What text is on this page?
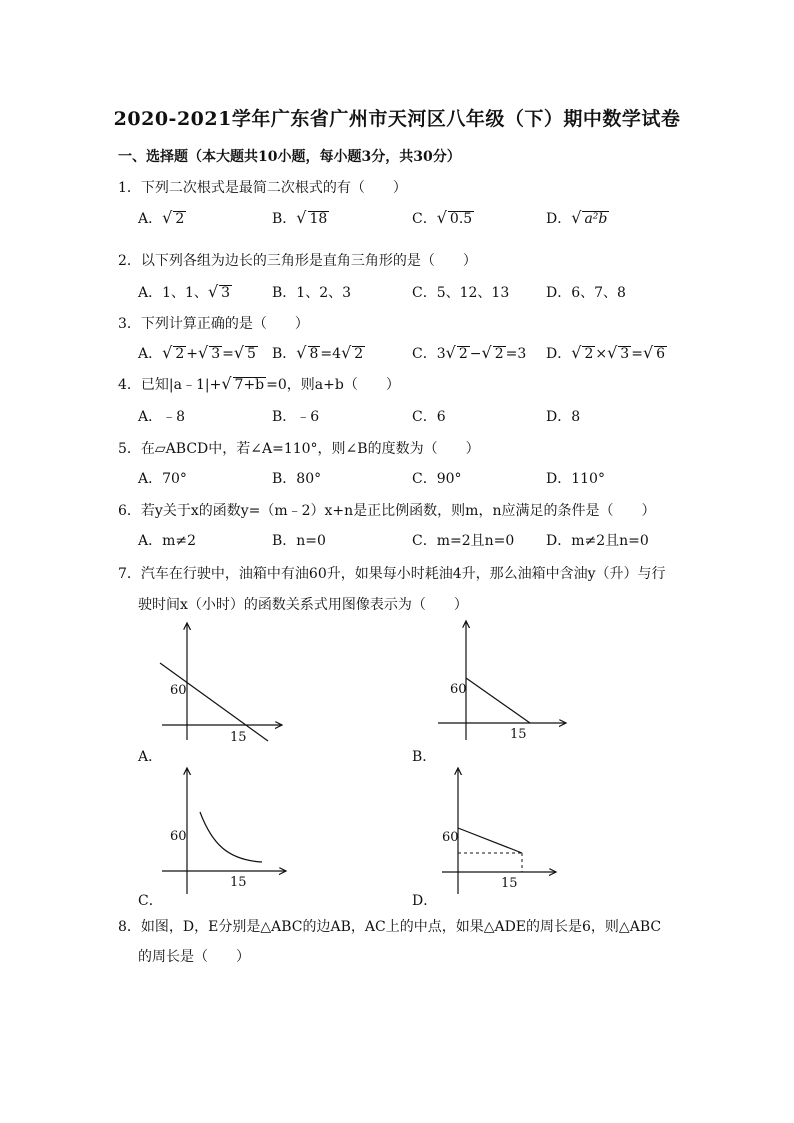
2020-2021学年广东省广州市天河区八年级（下）期中数学试卷
一、选择题（本大题共10小题，每小题3分，共30分）
1．下列二次根式是最简二次根式的有（　　）
A．√ 2	B．√ 18	C．√ 0.5	D．√ a²b
2．以下列各组为边长的三角形是直角三角形的是（　　）
A．1、1、√ 3	B．1、2、3	C．5、12、13	D．6、7、8
3．下列计算正确的是（　　）
A．√ 2 +√ 3 =√ 5 B．√ 8 =4√ 2	C．3√ 2 −√ 2 =3 D．√ 2 ×√ 3 =√ 6
4．已知|a﹣1|+√ 7+b =0，则a+b（　　）
A．﹣8	B．﹣6	C．6	D．8
5．在▱ABCD中，若∠A=110°，则∠B的度数为（　　）
A．70°	B．80°	C．90°	D．110°
6．若y关于x的函数y=（m﹣2）x+n是正比例函数，则m，n应满足的条件是（　　）
A．m≠2	B．n=0	C．m=2且n=0 D．m≠2且n=0
7．汽车在行驶中，油箱中有油60升，如果每小时耗油4升，那么油箱中含油y（升）与行
驶时间x（小时）的函数关系式用图像表示为（　　）
60
15
A．
60
15
B．
60
15
C．
60
15
D．
8．如图，D，E分别是△ABC的边AB，AC上的中点，如果△ADE的周长是6，则△ABC
的周长是（　　）
